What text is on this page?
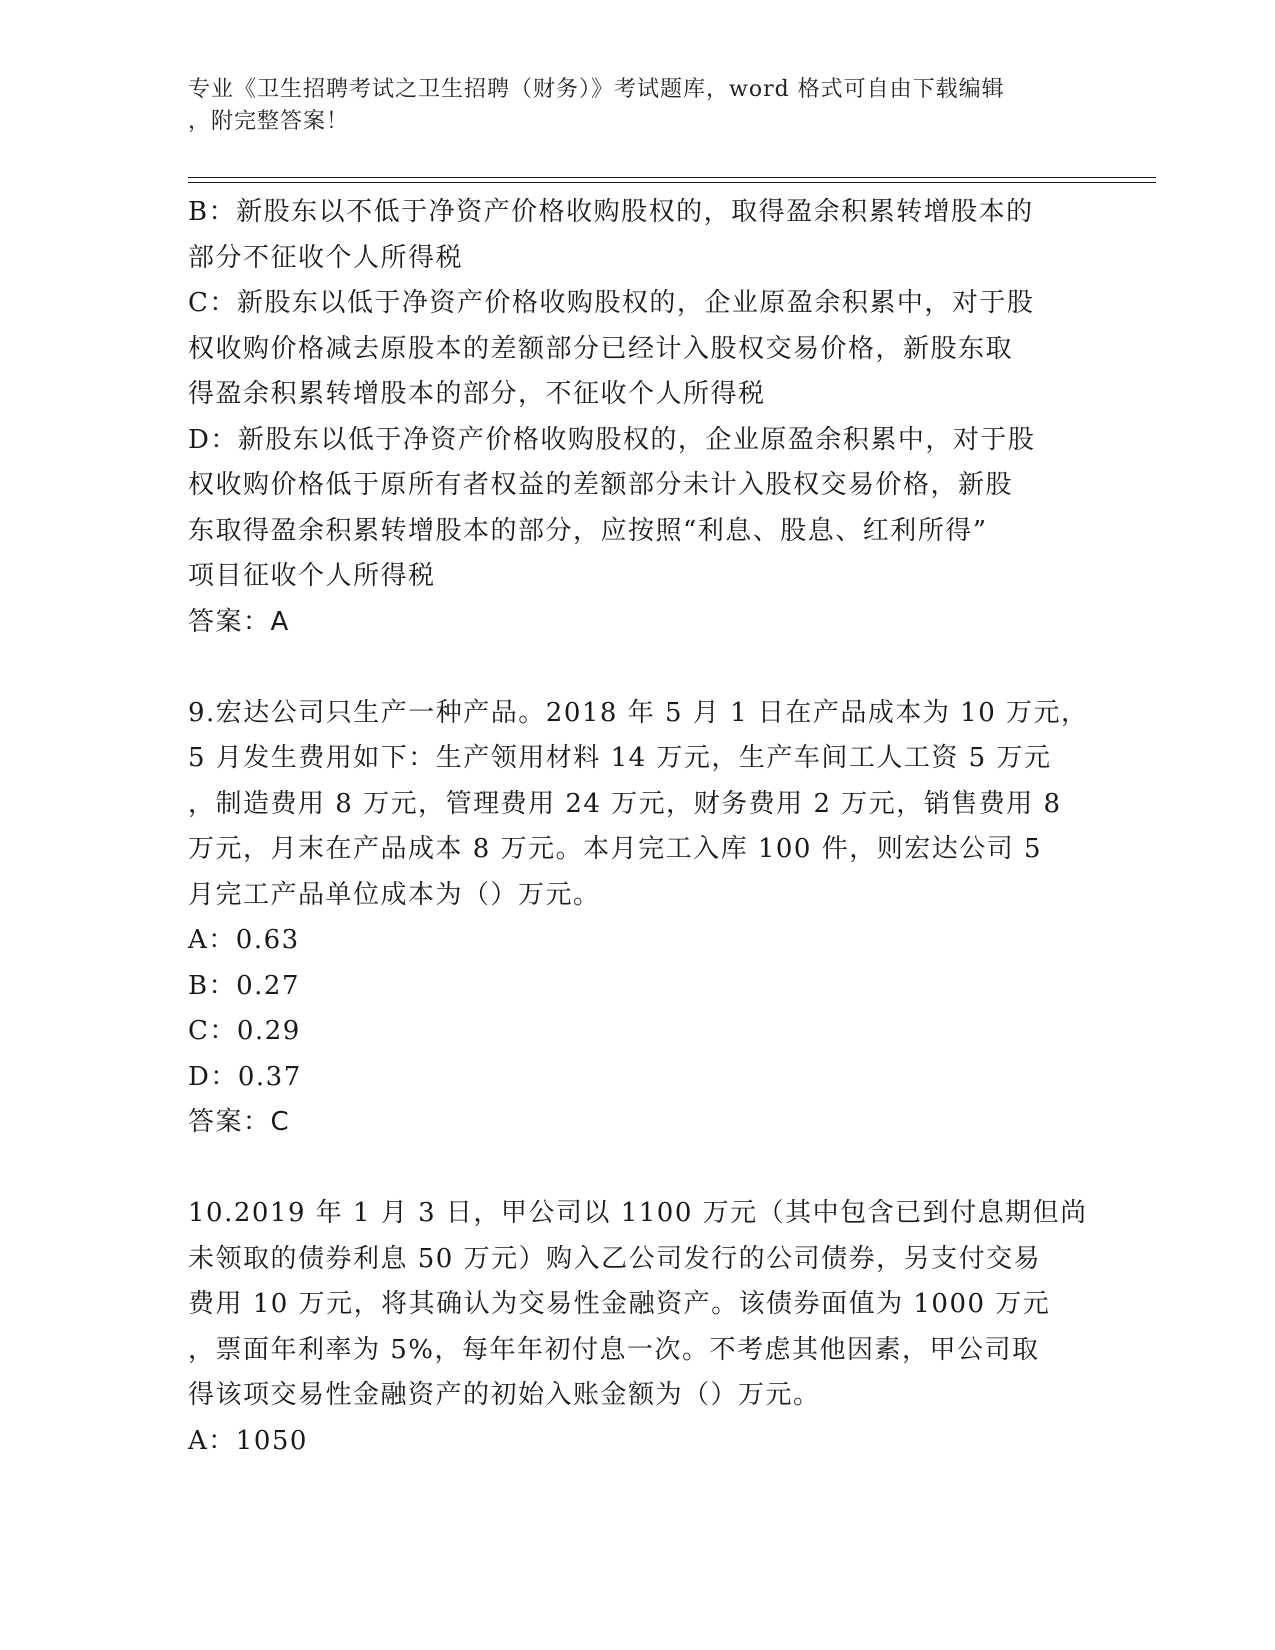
专业《卫生招聘考试之卫生招聘（财务）》考试题库，word 格式可自由下载编辑
，附完整答案！
B：新股东以不低于净资产价格收购股权的，取得盈余积累转增股本的
部分不征收个人所得税
C：新股东以低于净资产价格收购股权的，企业原盈余积累中，对于股
权收购价格减去原股本的差额部分已经计入股权交易价格，新股东取
得盈余积累转增股本的部分，不征收个人所得税
D：新股东以低于净资产价格收购股权的，企业原盈余积累中，对于股
权收购价格低于原所有者权益的差额部分未计入股权交易价格，新股
东取得盈余积累转增股本的部分，应按照“利息、股息、红利所得”
项目征收个人所得税
答案：A
9.宏达公司只生产一种产品。2018 年 5 月 1 日在产品成本为 10 万元，
5 月发生费用如下：生产领用材料 14 万元，生产车间工人工资 5 万元
，制造费用 8 万元，管理费用 24 万元，财务费用 2 万元，销售费用 8
万元，月末在产品成本 8 万元。本月完工入库 100 件，则宏达公司 5
月完工产品单位成本为（）万元。
A：0.63
B：0.27
C：0.29
D：0.37
答案：C
10.2019 年 1 月 3 日，甲公司以 1100 万元（其中包含已到付息期但尚
未领取的债券利息 50 万元）购入乙公司发行的公司债券，另支付交易
费用 10 万元，将其确认为交易性金融资产。该债券面值为 1000 万元
，票面年利率为 5%，每年年初付息一次。不考虑其他因素，甲公司取
得该项交易性金融资产的初始入账金额为（）万元。
A：1050
